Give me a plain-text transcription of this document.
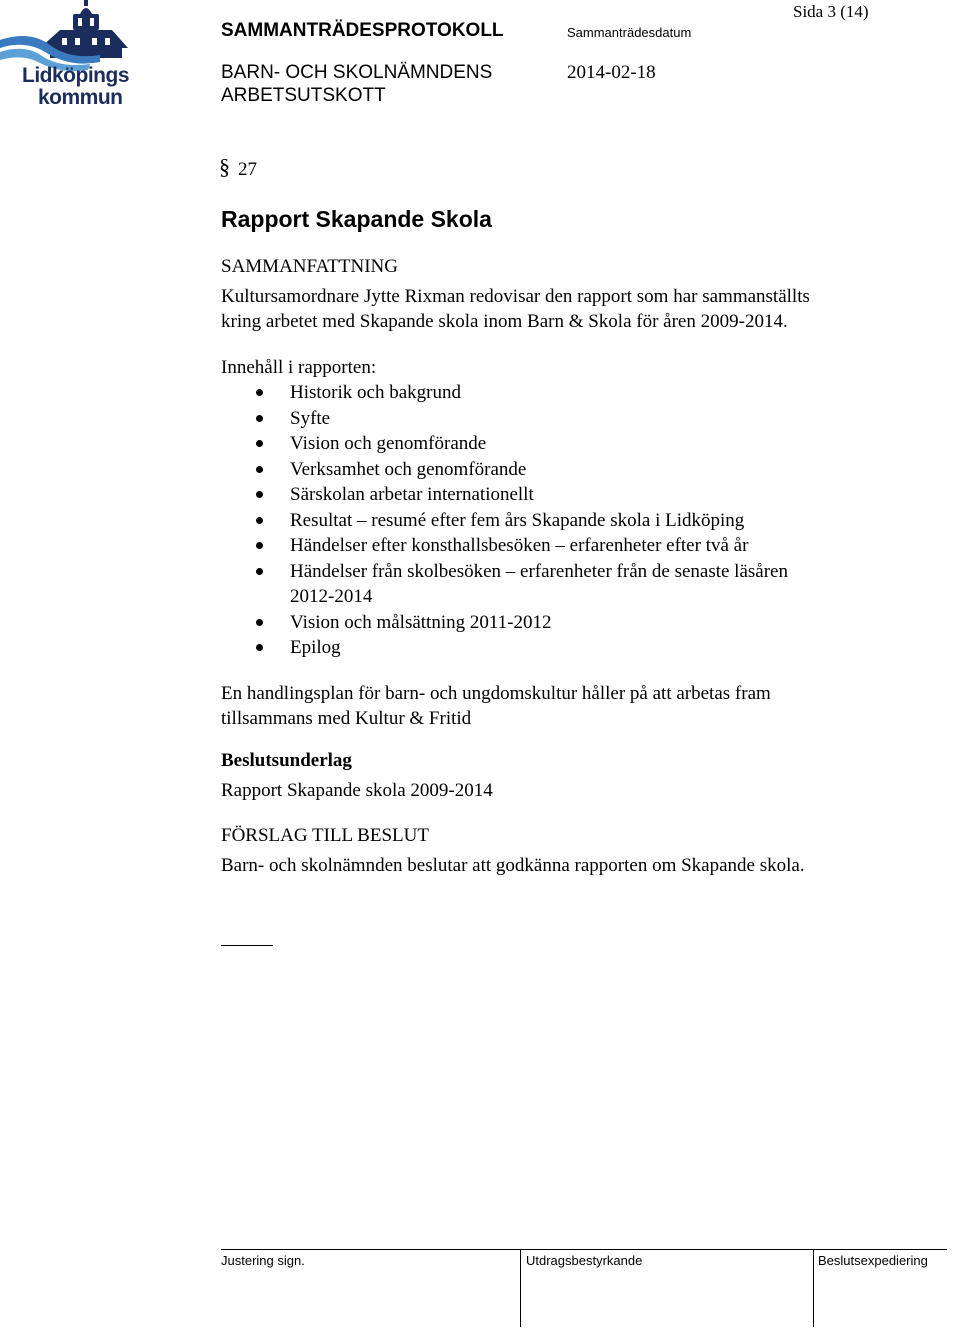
Lidköpings
kommun
Sida 3 (14)
SAMMANTRÄDESPROTOKOLL	Sammanträdesdatum
BARN- OCH SKOLNÄMNDENS
ARBETSUTSKOTT
2014-02-18
§ 27
Rapport Skapande Skola
SAMMANFATTNING
Kultursamordnare Jytte Rixman redovisar den rapport som har sammanställts
kring arbetet med Skapande skola inom Barn & Skola för åren 2009-2014.
Innehåll i rapporten:
Historik och bakgrund
Syfte
Vision och genomförande
Verksamhet och genomförande
Särskolan arbetar internationellt
Resultat – resumé efter fem års Skapande skola i Lidköping
Händelser efter konsthallsbesöken – erfarenheter efter två år
Händelser från skolbesöken – erfarenheter från de senaste läsåren
2012-2014
Vision och målsättning 2011-2012
Epilog
En handlingsplan för barn- och ungdomskultur håller på att arbetas fram
tillsammans med Kultur & Fritid
Beslutsunderlag
Rapport Skapande skola 2009-2014
FÖRSLAG TILL BESLUT
Barn- och skolnämnden beslutar att godkänna rapporten om Skapande skola.
Justering sign.	Utdragsbestyrkande	Beslutsexpediering
